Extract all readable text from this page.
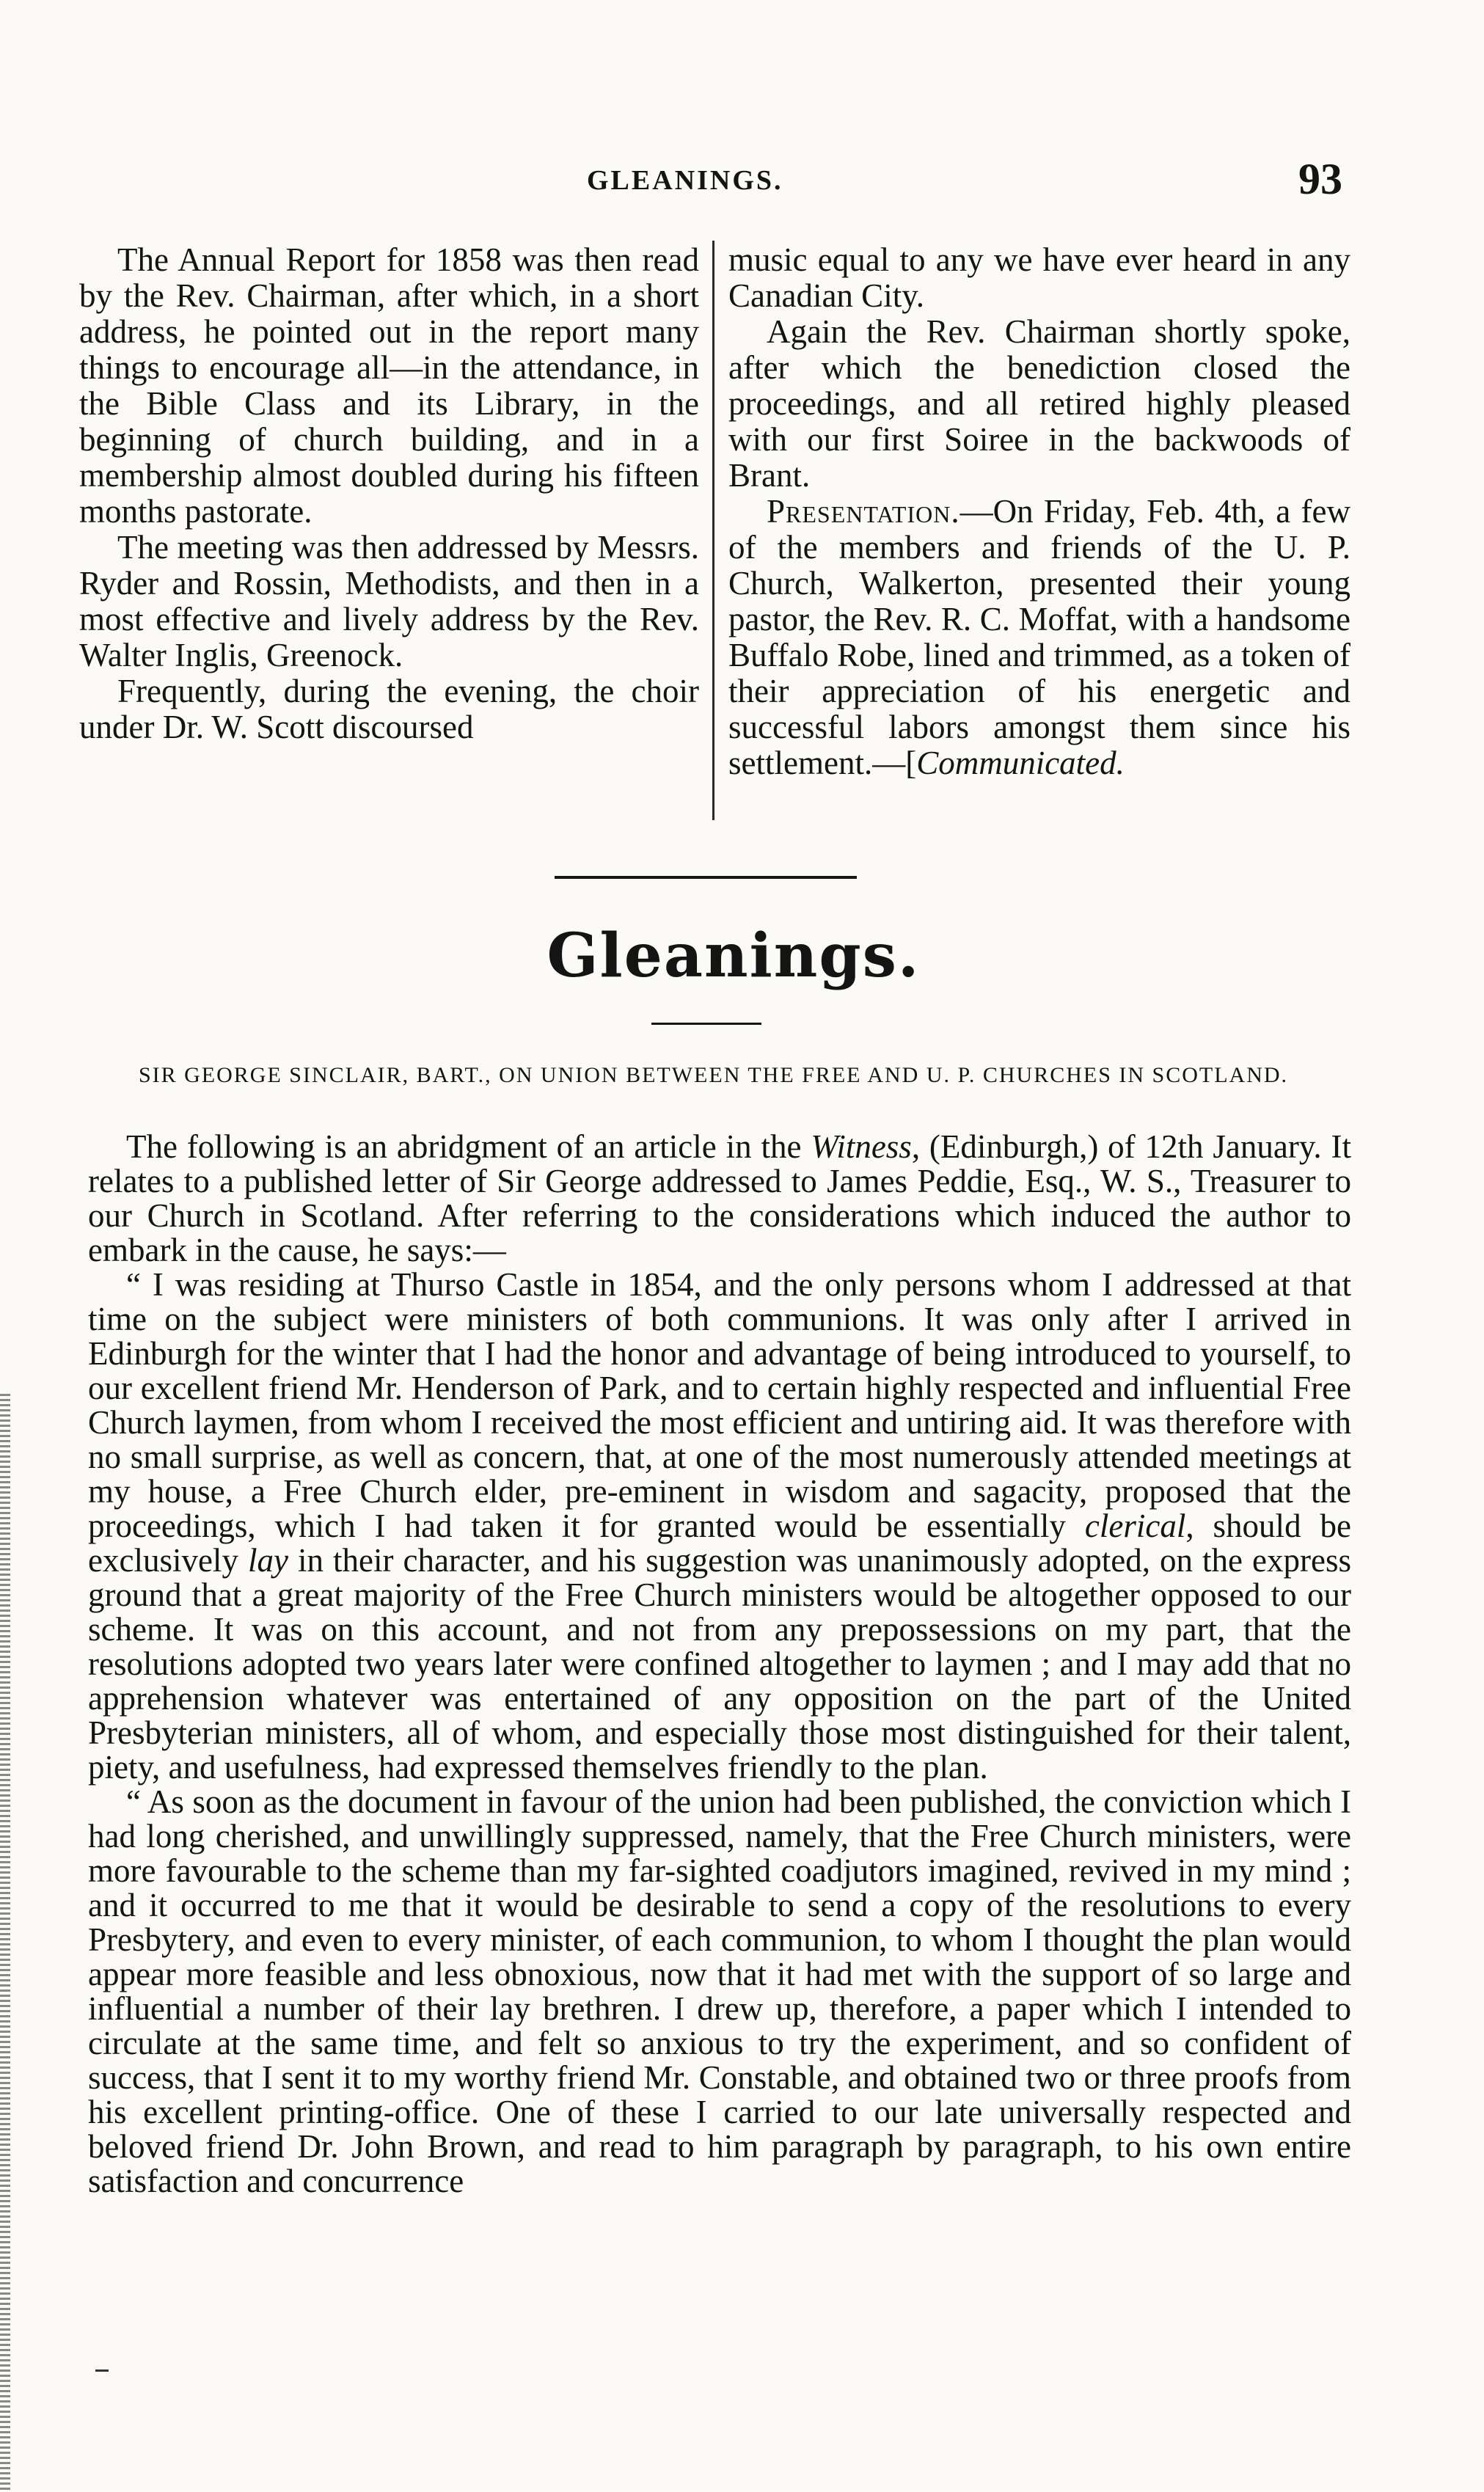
GLEANINGS.	93

The Annual Report for 1858 was then read by the Rev. Chairman, after which, in a short address, he pointed out in the report many things to encourage all—in the attendance, in the Bible Class and its Library, in the beginning of church building, and in a membership almost doubled during his fifteen months pastorate.

The meeting was then addressed by Messrs. Ryder and Rossin, Methodists, and then in a most effective and lively address by the Rev. Walter Inglis, Greenock.

Frequently, during the evening, the choir under Dr. W. Scott discoursed

music equal to any we have ever heard in any Canadian City.

Again the Rev. Chairman shortly spoke, after which the benediction closed the proceedings, and all retired highly pleased with our first Soiree in the backwoods of Brant.

Presentation.—On Friday, Feb. 4th, a few of the members and friends of the U. P. Church, Walkerton, presented their young pastor, the Rev. R. C. Moffat, with a handsome Buffalo Robe, lined and trimmed, as a token of their appreciation of his energetic and successful labors amongst them since his settlement.—[Communicated.

Gleanings.
SIR GEORGE SINCLAIR, BART., ON UNION BETWEEN THE FREE AND U. P. CHURCHES IN SCOTLAND.

The following is an abridgment of an article in the Witness, (Edinburgh,) of 12th January. It relates to a published letter of Sir George addressed to James Peddie, Esq., W. S., Treasurer to our Church in Scotland. After referring to the considerations which induced the author to embark in the cause, he says:—

“ I was residing at Thurso Castle in 1854, and the only persons whom I addressed at that time on the subject were ministers of both communions. It was only after I arrived in Edinburgh for the winter that I had the honor and advantage of being introduced to yourself, to our excellent friend Mr. Henderson of Park, and to certain highly respected and influential Free Church laymen, from whom I received the most efficient and untiring aid. It was therefore with no small surprise, as well as concern, that, at one of the most numerously attended meetings at my house, a Free Church elder, pre-eminent in wisdom and sagacity, proposed that the proceedings, which I had taken it for granted would be essentially clerical, should be exclusively lay in their character, and his suggestion was unanimously adopted, on the express ground that a great majority of the Free Church ministers would be altogether opposed to our scheme. It was on this account, and not from any prepossessions on my part, that the resolutions adopted two years later were confined altogether to laymen ; and I may add that no apprehension whatever was entertained of any opposition on the part of the United Presbyterian ministers, all of whom, and especially those most distinguished for their talent, piety, and usefulness, had expressed themselves friendly to the plan.

“ As soon as the document in favour of the union had been published, the conviction which I had long cherished, and unwillingly suppressed, namely, that the Free Church ministers, were more favourable to the scheme than my far-sighted coadjutors imagined, revived in my mind ; and it occurred to me that it would be desirable to send a copy of the resolutions to every Presbytery, and even to every minister, of each communion, to whom I thought the plan would appear more feasible and less obnoxious, now that it had met with the support of so large and influential a number of their lay brethren. I drew up, therefore, a paper which I intended to circulate at the same time, and felt so anxious to try the experiment, and so confident of success, that I sent it to my worthy friend Mr. Constable, and obtained two or three proofs from his excellent printing-office. One of these I carried to our late universally respected and beloved friend Dr. John Brown, and read to him paragraph by paragraph, to his own entire satisfaction and concurrence
